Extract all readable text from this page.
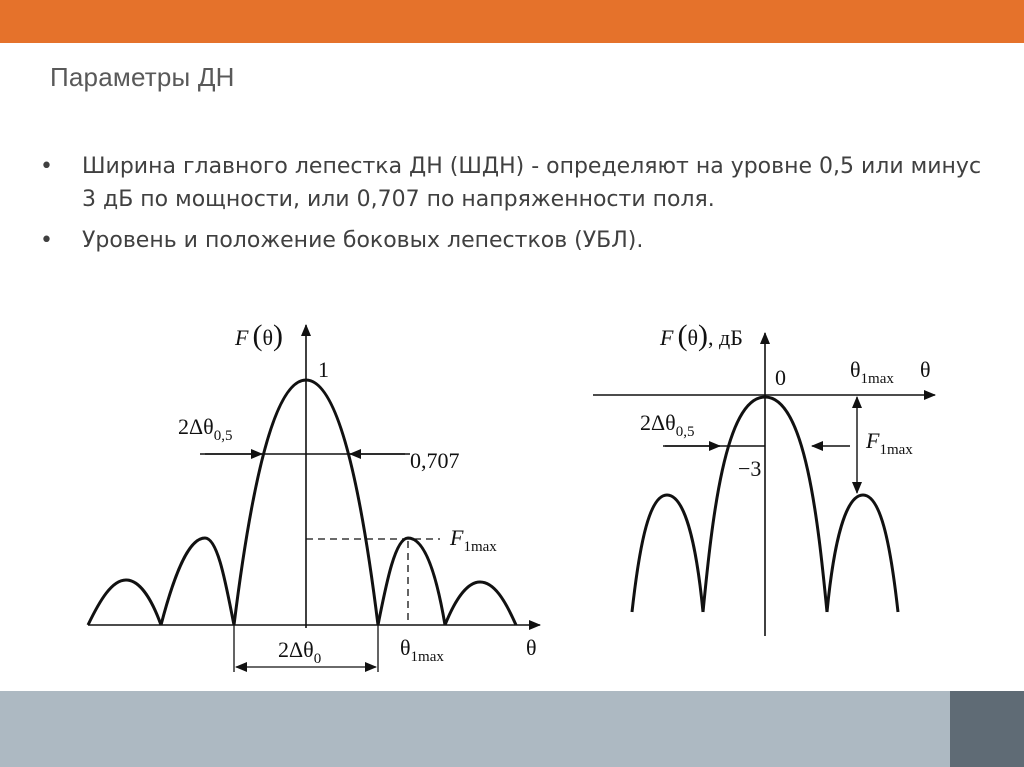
Параметры ДН
• Ширина главного лепестка ДН (ШДН) - определяют на уровне 0,5 или минус 3 дБ по мощности, или 0,707 по напряженности поля.
• Уровень и положение боковых лепестков (УБЛ).
F (θ)
1
$2\Delta\theta_{0,5}$
0,707
$F_{1max}$
$2\Delta\theta_0$	$\theta_{1max}$	θ
F (θ), дБ
0	$\theta_{1max}$ θ
$2\Delta\theta_{0,5}$
−3
$F_{1max}$
